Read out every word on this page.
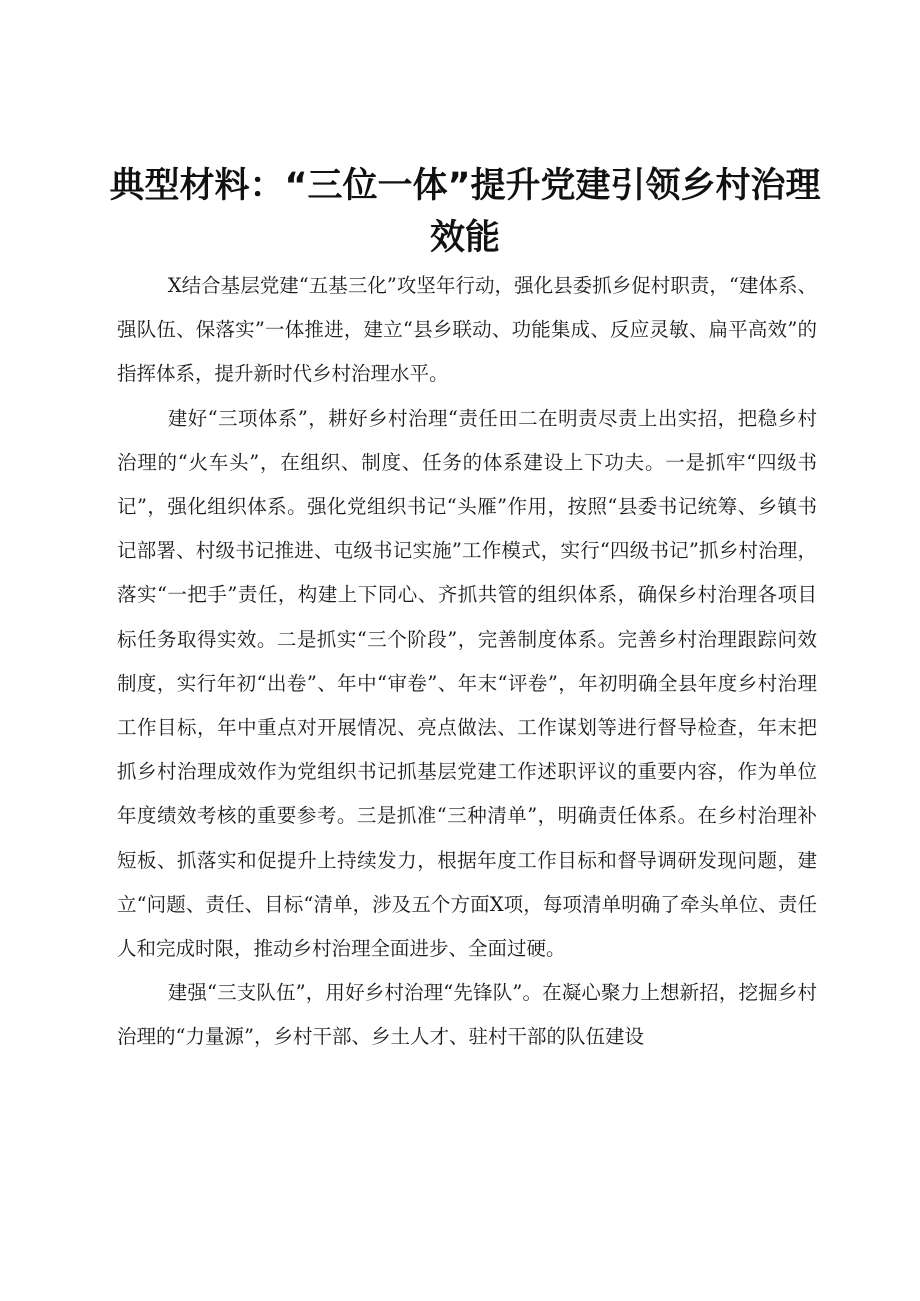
典型材料：“三位一体”提升党建引领乡村治理效能

X结合基层党建“五基三化”攻坚年行动，强化县委抓乡促村职责，“建体系、强队伍、保落实”一体推进，建立“县乡联动、功能集成、反应灵敏、扁平高效”的指挥体系，提升新时代乡村治理水平。

建好“三项体系”，耕好乡村治理“责任田二在明责尽责上出实招，把稳乡村治理的“火车头”，在组织、制度、任务的体系建设上下功夫。一是抓牢“四级书记”，强化组织体系。强化党组织书记“头雁”作用，按照“县委书记统筹、乡镇书记部署、村级书记推进、屯级书记实施”工作模式，实行“四级书记”抓乡村治理，落实“一把手”责任，构建上下同心、齐抓共管的组织体系，确保乡村治理各项目标任务取得实效。二是抓实“三个阶段”，完善制度体系。完善乡村治理跟踪问效制度，实行年初“出卷”、年中“审卷”、年末“评卷”，年初明确全县年度乡村治理工作目标，年中重点对开展情况、亮点做法、工作谋划等进行督导检查，年末把抓乡村治理成效作为党组织书记抓基层党建工作述职评议的重要内容，作为单位年度绩效考核的重要参考。三是抓准“三种清单”，明确责任体系。在乡村治理补短板、抓落实和促提升上持续发力，根据年度工作目标和督导调研发现问题，建立“问题、责任、目标“清单，涉及五个方面X项，每项清单明确了牵头单位、责任人和完成时限，推动乡村治理全面进步、全面过硬。

建强“三支队伍”，用好乡村治理“先锋队”。在凝心聚力上想新招，挖掘乡村治理的“力量源”，乡村干部、乡土人才、驻村干部的队伍建设
